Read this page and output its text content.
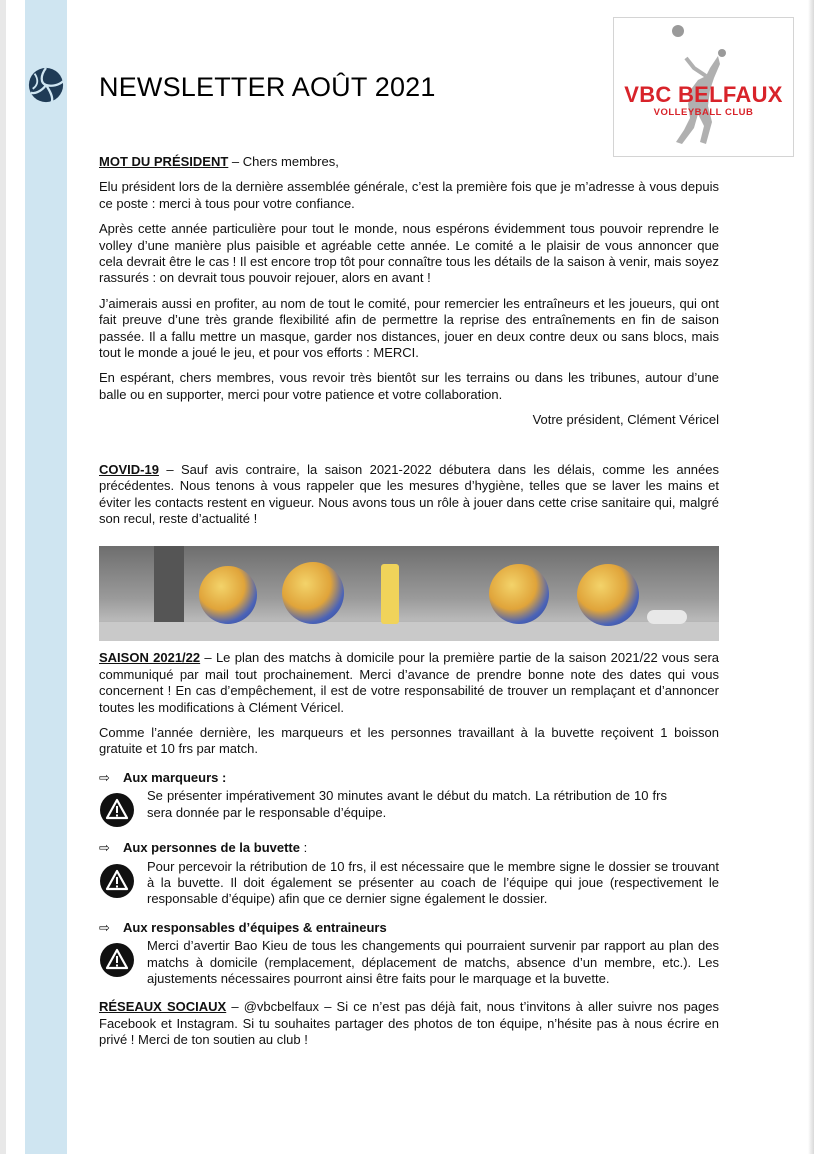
NEWSLETTER AOÛT 2021	VBC BELFAUX
VOLLEYBALL CLUB

MOT DU PRÉSIDENT – Chers membres,

Elu président lors de la dernière assemblée générale, c’est la première fois que je m’adresse à vous depuis ce poste : merci à tous pour votre confiance.

Après cette année particulière pour tout le monde, nous espérons évidemment tous pouvoir reprendre le volley d’une manière plus paisible et agréable cette année. Le comité a le plaisir de vous annoncer que cela devrait être le cas ! Il est encore trop tôt pour connaître tous les détails de la saison à venir, mais soyez rassurés : on devrait tous pouvoir rejouer, alors en avant !

J’aimerais aussi en profiter, au nom de tout le comité, pour remercier les entraîneurs et les joueurs, qui ont fait preuve d’une très grande flexibilité afin de permettre la reprise des entraînements en fin de saison passée. Il a fallu mettre un masque, garder nos distances, jouer en deux contre deux ou sans blocs, mais tout le monde a joué le jeu, et pour vos efforts : MERCI.

En espérant, chers membres, vous revoir très bientôt sur les terrains ou dans les tribunes, autour d’une balle ou en supporter, merci pour votre patience et votre collaboration.

Votre président, Clément Véricel

COVID-19 – Sauf avis contraire, la saison 2021-2022 débutera dans les délais, comme les années précédentes. Nous tenons à vous rappeler que les mesures d’hygiène, telles que se laver les mains et éviter les contacts restent en vigueur. Nous avons tous un rôle à jouer dans cette crise sanitaire qui, malgré son recul, reste d’actualité !

SAISON 2021/22 – Le plan des matchs à domicile pour la première partie de la saison 2021/22 vous sera communiqué par mail tout prochainement. Merci d’avance de prendre bonne note des dates qui vous concernent ! En cas d’empêchement, il est de votre responsabilité de trouver un remplaçant et d’annoncer toutes les modifications à Clément Véricel.

Comme l’année dernière, les marqueurs et les personnes travaillant à la buvette reçoivent 1 boisson gratuite et 10 frs par match.

⇨ Aux marqueurs :

Se présenter impérativement 30 minutes avant le début du match. La rétribution de 10 frs sera donnée par le responsable d’équipe.

⇨ Aux personnes de la buvette :

Pour percevoir la rétribution de 10 frs, il est nécessaire que le membre signe le dossier se trouvant à la buvette. Il doit également se présenter au coach de l’équipe qui joue (respectivement le responsable d’équipe) afin que ce dernier signe également le dossier.

⇨ Aux responsables d’équipes & entraineurs

Merci d’avertir Bao Kieu de tous les changements qui pourraient survenir par rapport au plan des matchs à domicile (remplacement, déplacement de matchs, absence d’un membre, etc.). Les ajustements nécessaires pourront ainsi être faits pour le marquage et la buvette.

RÉSEAUX SOCIAUX – @vbcbelfaux – Si ce n’est pas déjà fait, nous t’invitons à aller suivre nos pages Facebook et Instagram. Si tu souhaites partager des photos de ton équipe, n’hésite pas à nous écrire en privé ! Merci de ton soutien au club !
